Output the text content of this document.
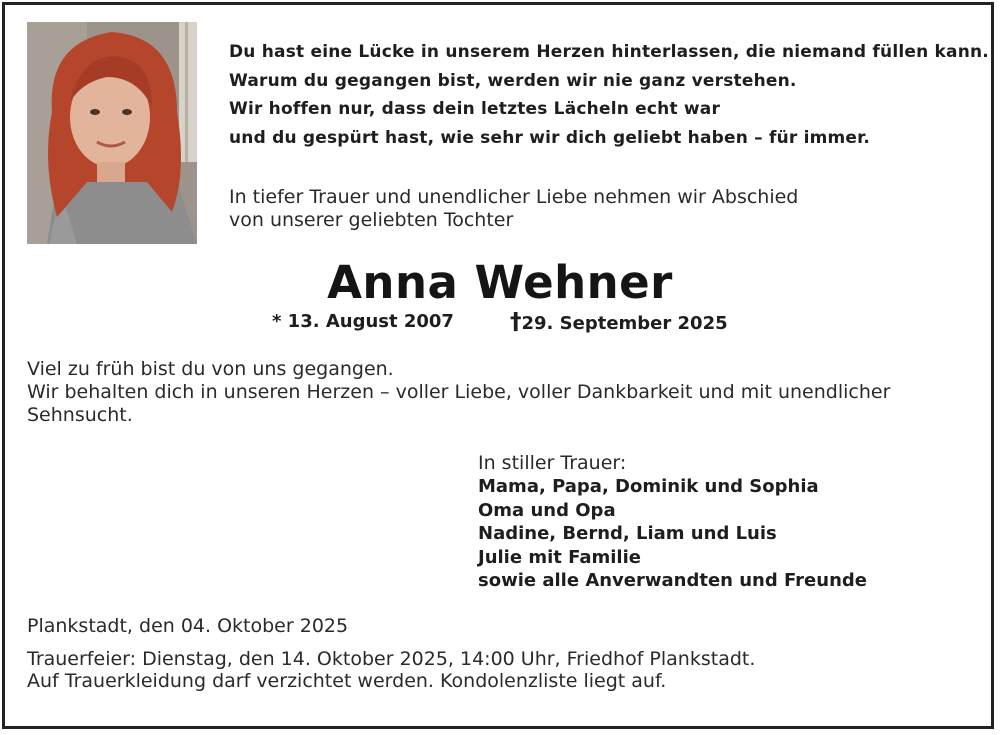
Du hast eine Lücke in unserem Herzen hinterlassen, die niemand füllen kann.
Warum du gegangen bist, werden wir nie ganz verstehen.
Wir hoffen nur, dass dein letztes Lächeln echt war
und du gespürt hast, wie sehr wir dich geliebt haben – für immer.
In tiefer Trauer und unendlicher Liebe nehmen wir Abschied
von unserer geliebten Tochter
Anna Wehner
* 13. August 2007 †29. September 2025
Viel zu früh bist du von uns gegangen.
Wir behalten dich in unseren Herzen – voller Liebe, voller Dankbarkeit und mit unendlicher Sehnsucht.
In stiller Trauer:
Mama, Papa, Dominik und Sophia
Oma und Opa
Nadine, Bernd, Liam und Luis
Julie mit Familie
sowie alle Anverwandten und Freunde
Plankstadt, den 04. Oktober 2025
Trauerfeier: Dienstag, den 14. Oktober 2025, 14:00 Uhr, Friedhof Plankstadt.
Auf Trauerkleidung darf verzichtet werden. Kondolenzliste liegt auf.
